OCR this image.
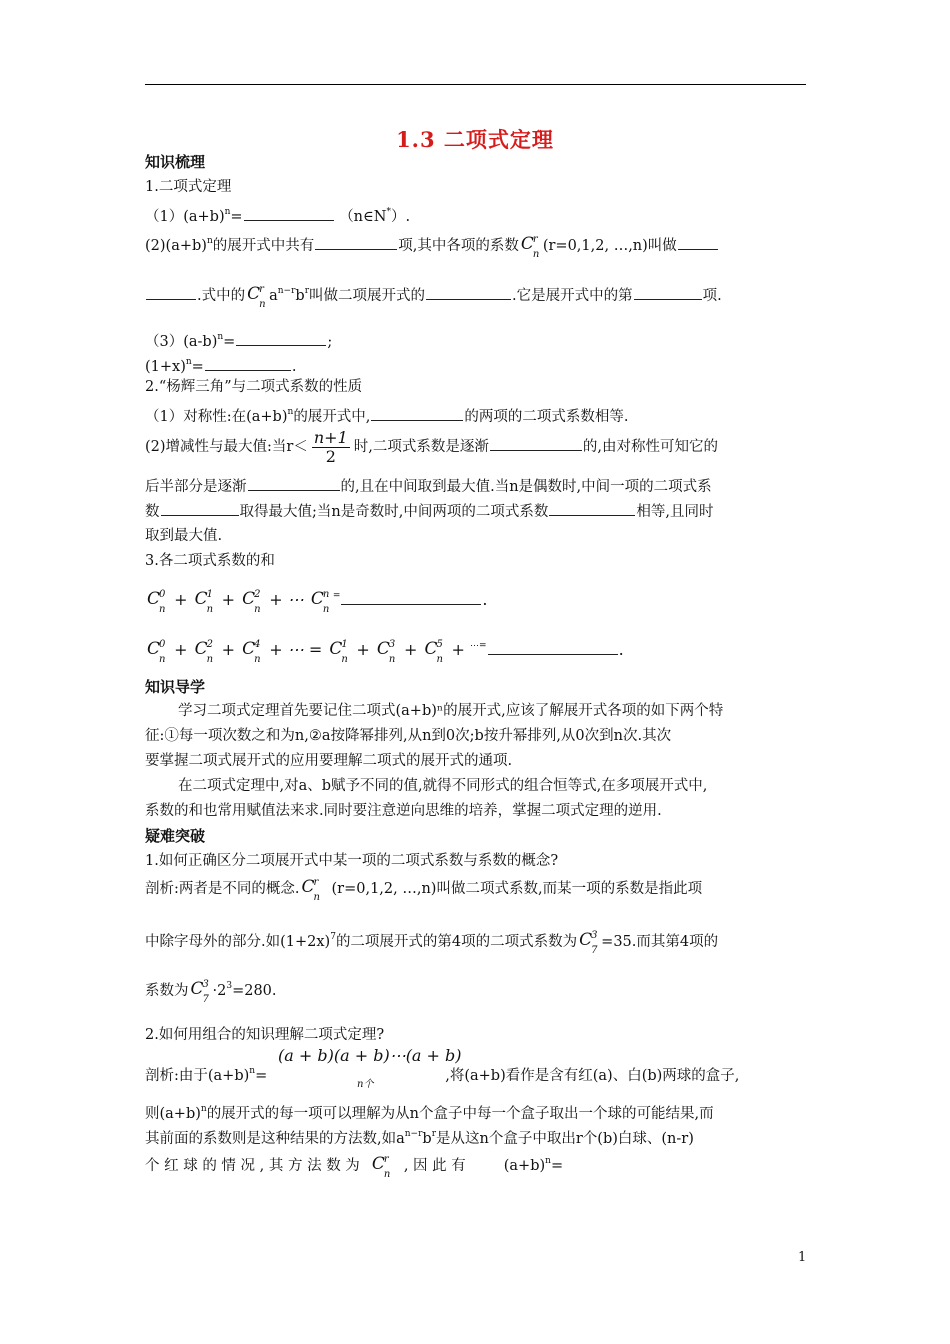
1.3 二项式定理
知识梳理
1.二项式定理
$(1)(a+b)^n=$	（n∈N*）.
$(2)(a+b)^n$的展开式中共有	项,其中各项的系数 C
r
n
(r=0,1,2, …,n)叫做
.式中的 C
r
n
$a^{n-r}b^r$叫做二项展开式的	.它是展开式中的第	项.
$(3)(a-b)^n=$	;
$(1+x)^n=$	.
2.“杨辉三角”与二项式系数的性质
（1）对称性:在$(a+b)^n$的展开式中,	的两项的二项式系数相等.
(2)增减性与最大值:当$r< \frac{n+1}{2}$ 时,二项式系数是逐渐	的,由对称性可知它的
后半部分是逐渐	的,且在中间取到最大值.当n是偶数时,中间一项的二项式系
数	取得最大值;当n是奇数时,中间两项的二项式系数	相等,且同时
取到最大值.
3.各二项式系数的和
C
0
n
+ C
1
n
+ C
2
n
+ ⋯ C
n
n
=	.
C
0
n
+ C
2
n
+ C
4
n
+ ⋯ = C
1
n
+ C
3
n
+ C
5
n
+ ⋯=	.
知识导学
学习二项式定理首先要记住二项式(a+b)ⁿ的展开式,应该了解展开式各项的如下两个特
征:①每一项次数之和为n,②a按降幂排列,从n到0次;b按升幂排列,从0次到n次.其次
要掌握二项式展开式的应用要理解二项式的展开式的通项.
在二项式定理中,对a、b赋予不同的值,就得不同形式的组合恒等式,在多项展开式中,
系数的和也常用赋值法来求.同时要注意逆向思维的培养，掌握二项式定理的逆用.
疑难突破
1.如何正确区分二项展开式中某一项的二项式系数与系数的概念?
剖析:两者是不同的概念. C
r
n
(r=0,1,2, …,n)叫做二项式系数,而某一项的系数是指此项
中除字母外的部分.如$(1+2x)^7$的二项展开式的第4项的二项式系数为 C
3
7
=35.而其第4项的
系数为 C
3
7
$\cdot 2^3=280$.
2.如何用组合的知识理解二项式定理?
(a + b)(a + b)⋯(a + b)
n个
剖析:由于$(a+b)^n=$	,将(a+b)看作是含有红(a)、白(b)两球的盒子,
则$(a+b)^n$的展开式的每一项可以理解为从n个盒子中每一个盒子取出一个球的可能结果,而
其前面的系数则是这种结果的方法数,如$a^{n-r}b^r$是从这n个盒子中取出r个(b)白球、(n-r)
个 红 球 的 情 况 , 其 方 法 数 为 C
r
n
, 因 此 有	$(a+b)^n=$
1
